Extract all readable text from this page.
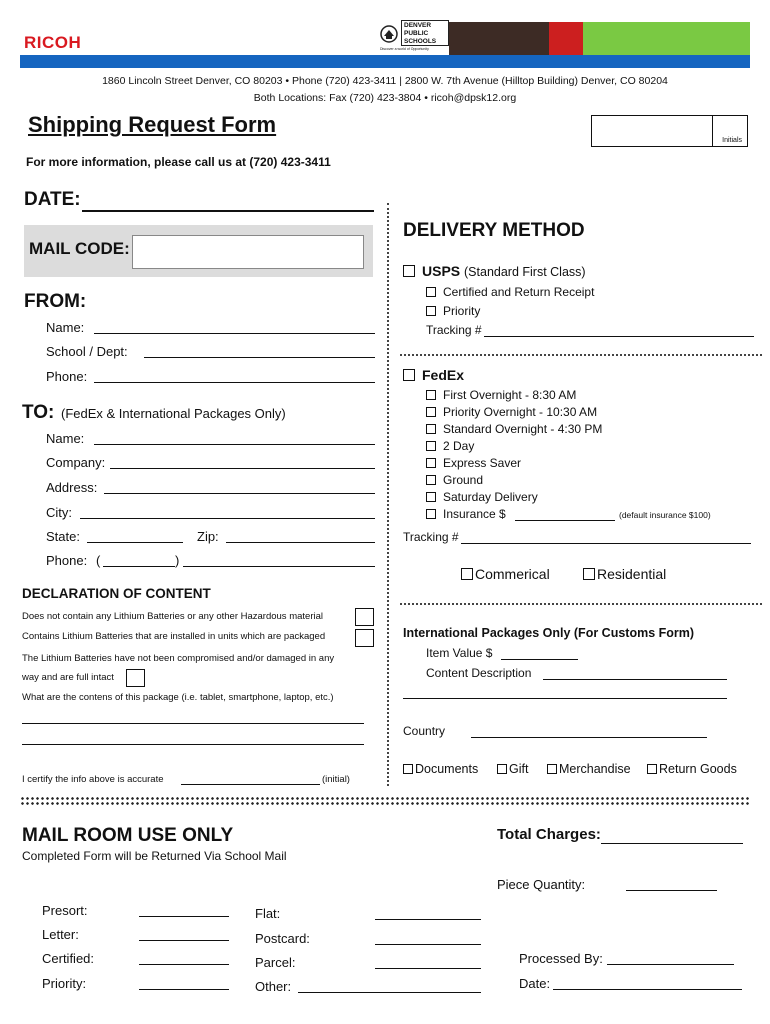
RICOH
DENVER
PUBLIC
SCHOOLS
Discover a world of Opportunity
1860 Lincoln Street Denver, CO 80203 • Phone (720) 423-3411 | 2800 W. 7th Avenue (Hilltop Building) Denver, CO 80204
Both Locations: Fax (720) 423-3804 • ricoh@dpsk12.org
Shipping Request Form
Initials
For more information, please call us at (720) 423-3411
DATE:
MAIL CODE:
FROM:
Name:
School / Dept:
Phone:
TO: (FedEx & International Packages Only)
Name:
Company:
Address:
City:
State:	Zip:
Phone: (	)
DECLARATION OF CONTENT
Does not contain any Lithium Batteries or any other Hazardous material
Contains Lithium Batteries that are installed in units which are packaged
The Lithium Batteries have not been compromised and/or damaged in any
way and are full intact
What are the contens of this package (i.e. tablet, smartphone, laptop, etc.)
I certify the info above is accurate	(initial)
DELIVERY METHOD
USPS (Standard First Class)
Certified and Return Receipt
Priority
Tracking #
FedEx
First Overnight - 8:30 AM
Priority Overnight - 10:30 AM
Standard Overnight - 4:30 PM
2 Day
Express Saver
Ground
Saturday Delivery
Insurance $	(default insurance $100)
Tracking #
Commerical	Residential
International Packages Only (For Customs Form)
Item Value $
Content Description
Country
Documents	Gift	Merchandise	Return Goods
MAIL ROOM USE ONLY
Completed Form will be Returned Via School Mail
Total Charges:
Piece Quantity:
Presort:
Letter:
Certified:
Priority:
Flat:
Postcard:
Parcel:
Other:
Processed By:
Date:
